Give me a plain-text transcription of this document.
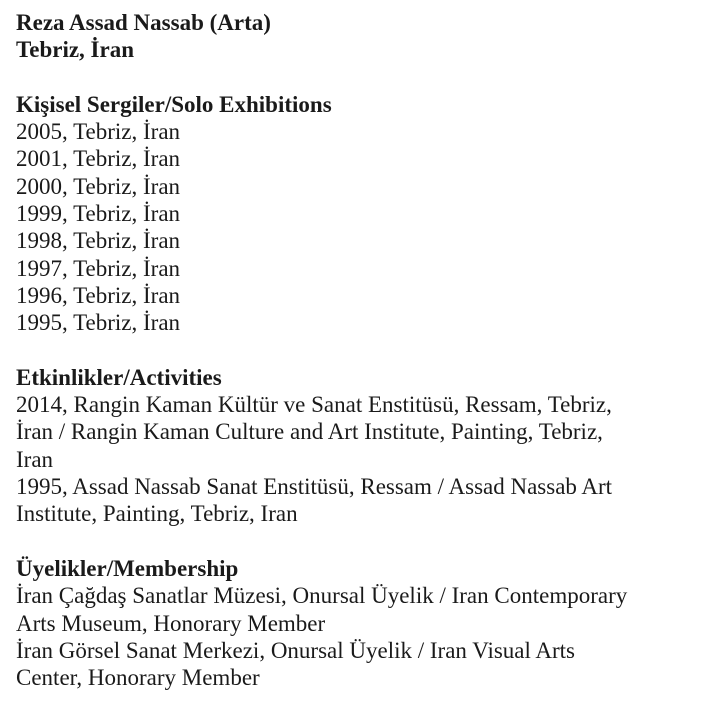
Reza Assad Nassab (Arta)
Tebriz, İran
Kişisel Sergiler/Solo Exhibitions
2005, Tebriz, İran
2001, Tebriz, İran
2000, Tebriz, İran
1999, Tebriz, İran
1998, Tebriz, İran
1997, Tebriz, İran
1996, Tebriz, İran
1995, Tebriz, İran
Etkinlikler/Activities
2014, Rangin Kaman Kültür ve Sanat Enstitüsü, Ressam, Tebriz,
İran / Rangin Kaman Culture and Art Institute, Painting, Tebriz,
Iran
1995, Assad Nassab Sanat Enstitüsü, Ressam / Assad Nassab Art
Institute, Painting, Tebriz, Iran
Üyelikler/Membership
İran Çağdaş Sanatlar Müzesi, Onursal Üyelik / Iran Contemporary
Arts Museum, Honorary Member
İran Görsel Sanat Merkezi, Onursal Üyelik / Iran Visual Arts
Center, Honorary Member
